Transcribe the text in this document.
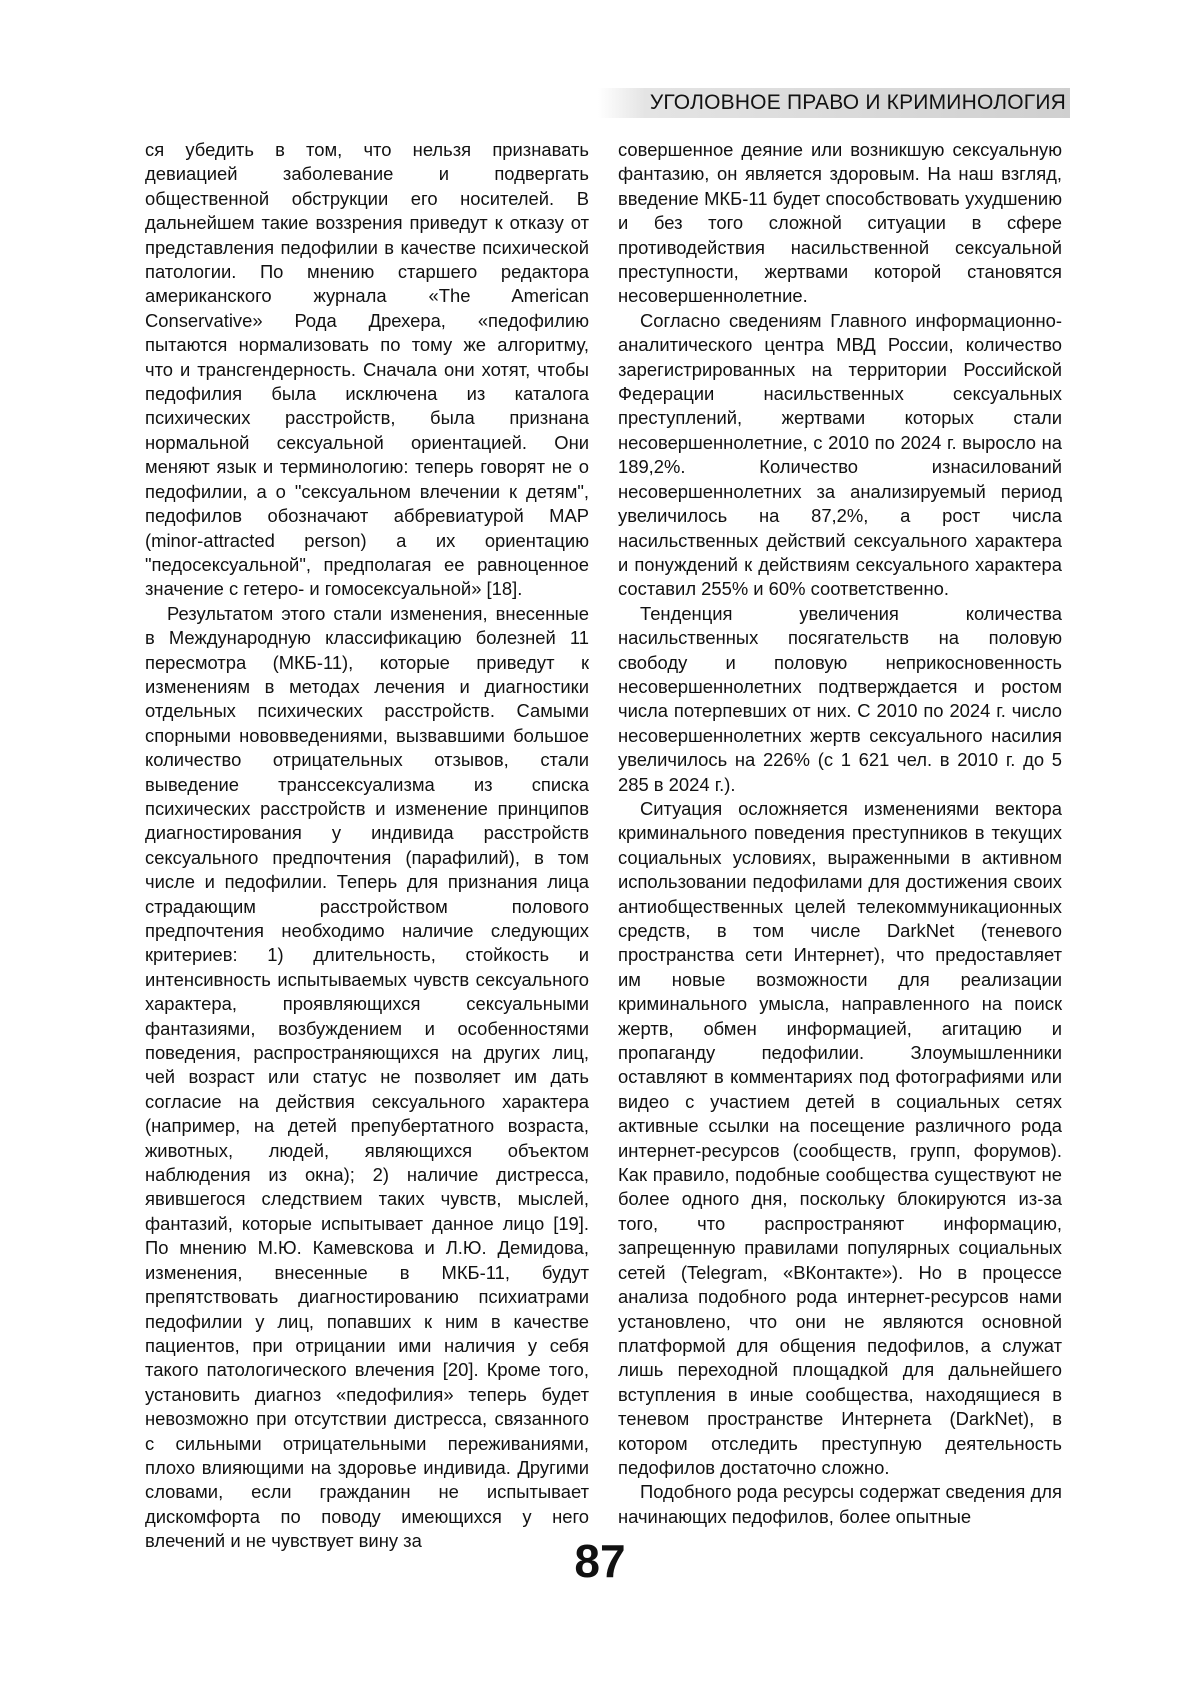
УГОЛОВНОЕ ПРАВО И КРИМИНОЛОГИЯ

ся убедить в том, что нельзя признавать девиацией заболевание и подвергать общественной обструкции его носителей. В дальнейшем такие воззрения приведут к отказу от представления педофилии в качестве психической патологии. По мнению старшего редактора американского журнала «The American Conservative» Рода Дрехера, «педофилию пытаются нормализовать по тому же алгоритму, что и трансгендерность. Сначала они хотят, чтобы педофилия была исключена из каталога психических расстройств, была признана нормальной сексуальной ориентацией. Они меняют язык и терминологию: теперь говорят не о педофилии, а о "сексуальном влечении к детям", педофилов обозначают аббревиатурой MAP (minor-attracted person) а их ориентацию "педосексуальной", предполагая ее равноценное значение с гетеро- и гомосексуальной» [18].

Результатом этого стали изменения, внесенные в Международную классификацию болезней 11 пересмотра (МКБ-11), которые приведут к изменениям в методах лечения и диагностики отдельных психических расстройств. Самыми спорными нововведениями, вызвавшими большое количество отрицательных отзывов, стали выведение транссексуализма из списка психических расстройств и изменение принципов диагностирования у индивида расстройств сексуального предпочтения (парафилий), в том числе и педофилии. Теперь для признания лица страдающим расстройством полового предпочтения необходимо наличие следующих критериев: 1) длительность, стойкость и интенсивность испытываемых чувств сексуального характера, проявляющихся сексуальными фантазиями, возбуждением и особенностями поведения, распространяющихся на других лиц, чей возраст или статус не позволяет им дать согласие на действия сексуального характера (например, на детей препубертатного возраста, животных, людей, являющихся объектом наблюдения из окна); 2) наличие дистресса, явившегося следствием таких чувств, мыслей, фантазий, которые испытывает данное лицо [19]. По мнению М.Ю. Камевскова и Л.Ю. Демидова, изменения, внесенные в МКБ-11, будут препятствовать диагностированию психиатрами педофилии у лиц, попавших к ним в качестве пациентов, при отрицании ими наличия у себя такого патологического влечения [20]. Кроме того, установить диагноз «педофилия» теперь будет невозможно при отсутствии дистресса, связанного с сильными отрицательными переживаниями, плохо влияющими на здоровье индивида. Другими словами, если гражданин не испытывает дискомфорта по поводу имеющихся у него влечений и не чувствует вину за

совершенное деяние или возникшую сексуальную фантазию, он является здоровым. На наш взгляд, введение МКБ-11 будет способствовать ухудшению и без того сложной ситуации в сфере противодействия насильственной сексуальной преступности, жертвами которой становятся несовершеннолетние.

Согласно сведениям Главного информационно-аналитического центра МВД России, количество зарегистрированных на территории Российской Федерации насильственных сексуальных преступлений, жертвами которых стали несовершеннолетние, с 2010 по 2024 г. выросло на 189,2%. Количество изнасилований несовершеннолетних за анализируемый период увеличилось на 87,2%, а рост числа насильственных действий сексуального характера и понуждений к действиям сексуального характера составил 255% и 60% соответственно.

Тенденция увеличения количества насильственных посягательств на половую свободу и половую неприкосновенность несовершеннолетних подтверждается и ростом числа потерпевших от них. С 2010 по 2024 г. число несовершеннолетних жертв сексуального насилия увеличилось на 226% (с 1 621 чел. в 2010 г. до 5 285 в 2024 г.).

Ситуация осложняется изменениями вектора криминального поведения преступников в текущих социальных условиях, выраженными в активном использовании педофилами для достижения своих антиобщественных целей телекоммуникационных средств, в том числе DarkNet (теневого пространства сети Интернет), что предоставляет им новые возможности для реализации криминального умысла, направленного на поиск жертв, обмен информацией, агитацию и пропаганду педофилии. Злоумышленники оставляют в комментариях под фотографиями или видео с участием детей в социальных сетях активные ссылки на посещение различного рода интернет-ресурсов (сообществ, групп, форумов). Как правило, подобные сообщества существуют не более одного дня, поскольку блокируются из-за того, что распространяют информацию, запрещенную правилами популярных социальных сетей (Telegram, «ВКонтакте»). Но в процессе анализа подобного рода интернет-ресурсов нами установлено, что они не являются основной платформой для общения педофилов, а служат лишь переходной площадкой для дальнейшего вступления в иные сообщества, находящиеся в теневом пространстве Интернета (DarkNet), в котором отследить преступную деятельность педофилов достаточно сложно.

Подобного рода ресурсы содержат сведения для начинающих педофилов, более опытные

87
